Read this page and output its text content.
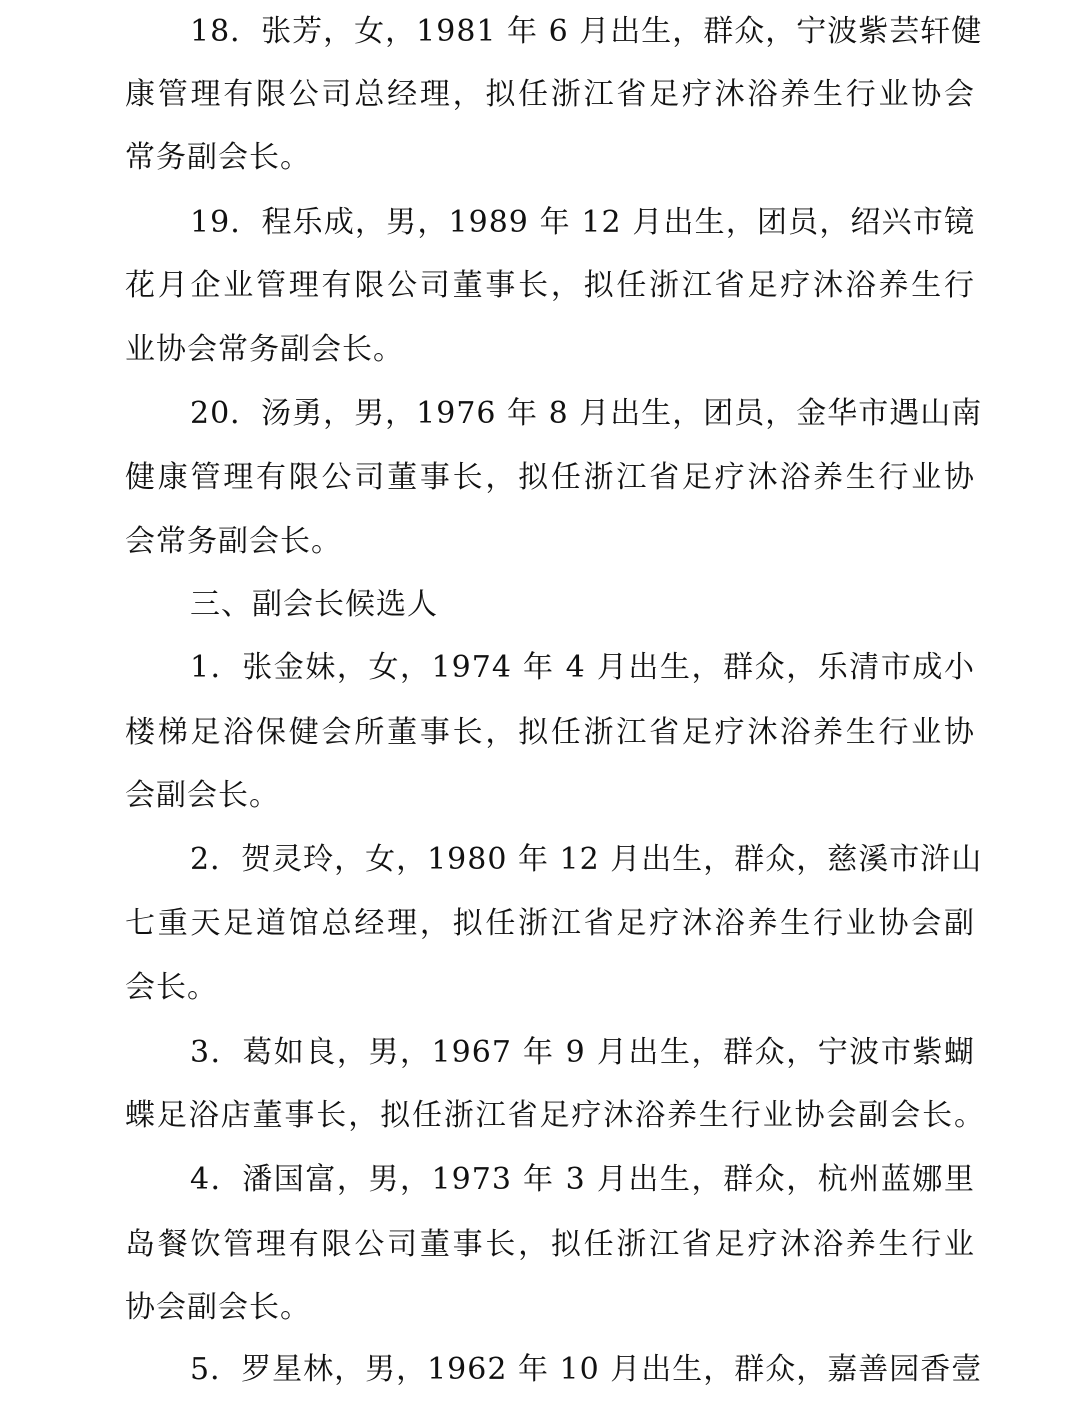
18．张芳，女，1981 年 6 月出生，群众，宁波紫芸轩健
康管理有限公司总经理，拟任浙江省足疗沐浴养生行业协会
常务副会长。
19．程乐成，男，1989 年 12 月出生，团员，绍兴市镜
花月企业管理有限公司董事长，拟任浙江省足疗沐浴养生行
业协会常务副会长。
20．汤勇，男，1976 年 8 月出生，团员，金华市遇山南
健康管理有限公司董事长，拟任浙江省足疗沐浴养生行业协
会常务副会长。
三、副会长候选人
1．张金妹，女，1974 年 4 月出生，群众，乐清市成小
楼梯足浴保健会所董事长，拟任浙江省足疗沐浴养生行业协
会副会长。
2．贺灵玲，女，1980 年 12 月出生，群众，慈溪市浒山
七重天足道馆总经理，拟任浙江省足疗沐浴养生行业协会副
会长。
3．葛如良，男，1967 年 9 月出生，群众，宁波市紫蝴
蝶足浴店董事长，拟任浙江省足疗沐浴养生行业协会副会长。
4．潘国富，男，1973 年 3 月出生，群众，杭州蓝娜里
岛餐饮管理有限公司董事长，拟任浙江省足疗沐浴养生行业
协会副会长。
5．罗星林，男，1962 年 10 月出生，群众，嘉善园香壹
